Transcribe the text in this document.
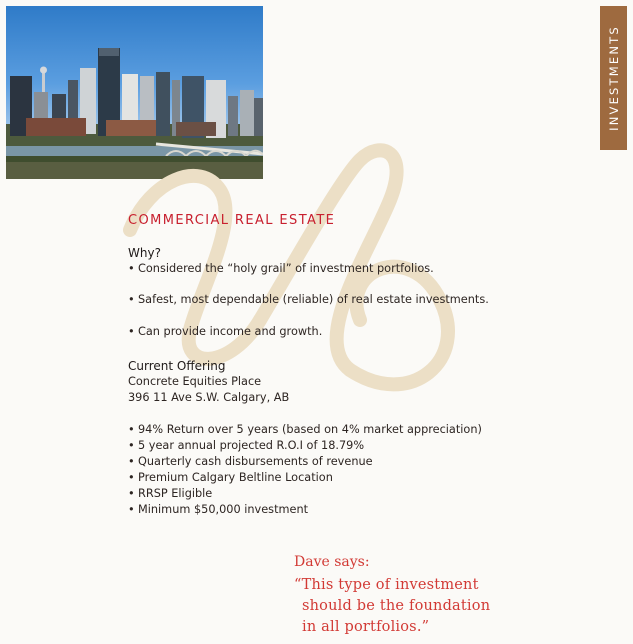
INVESTMENTS
COMMERCIAL REAL ESTATE
Why?
• Considered the “holy grail” of investment portfolios.
• Safest, most dependable (reliable) of real estate investments.
• Can provide income and growth.
Current Offering
Concrete Equities Place
396 11 Ave S.W. Calgary, AB
• 94% Return over 5 years (based on 4% market appreciation)
• 5 year annual projected R.O.I of 18.79%
• Quarterly cash disbursements of revenue
• Premium Calgary Beltline Location
• RRSP Eligible
• Minimum $50,000 investment
Dave says:
“This type of investment
should be the foundation
in all portfolios.”
